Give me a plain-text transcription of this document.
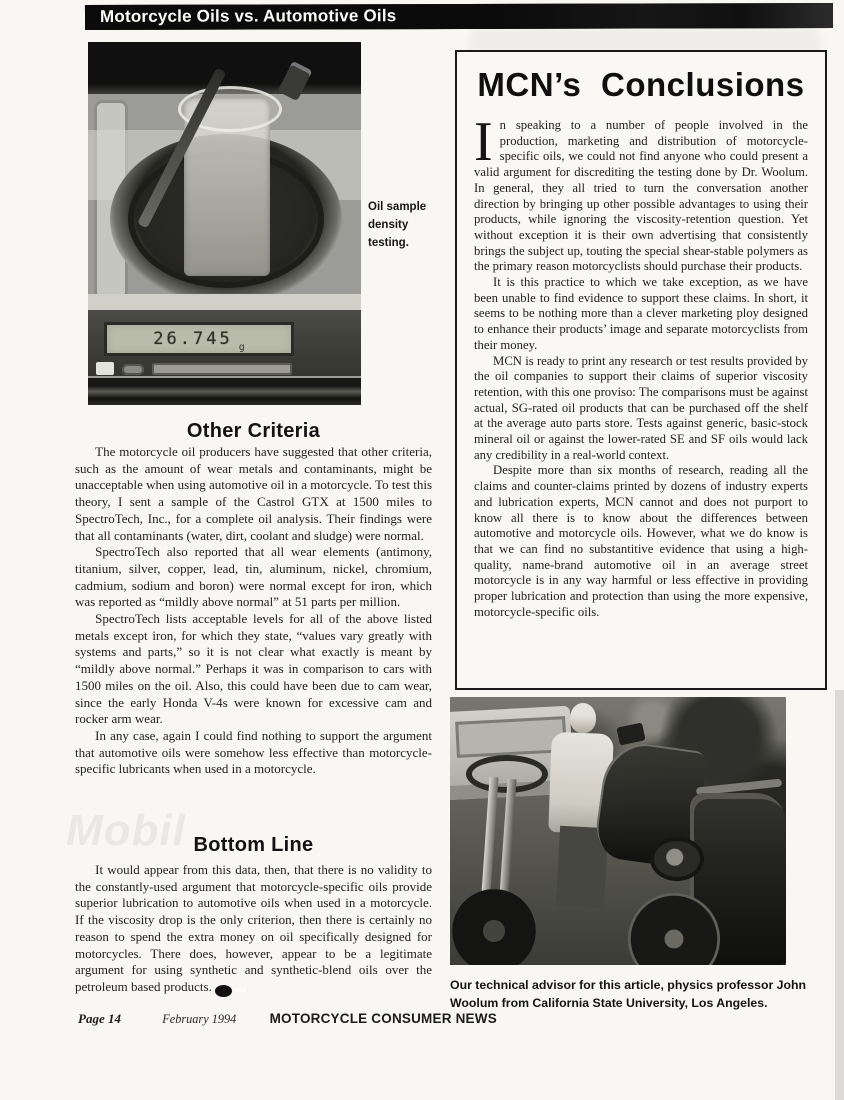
Mobil
Motorcycle Oils vs. Automotive Oils
26.745 g
Oil sample density testing.
Other Criteria

The motorcycle oil producers have suggested that other criteria, such as the amount of wear metals and contaminants, might be unacceptable when using automotive oil in a motorcycle. To test this theory, I sent a sample of the Castrol GTX at 1500 miles to SpectroTech, Inc., for a complete oil analysis. Their findings were that all contaminants (water, dirt, coolant and sludge) were normal.

SpectroTech also reported that all wear elements (antimony, titanium, silver, copper, lead, tin, aluminum, nickel, chromium, cadmium, sodium and boron) were normal except for iron, which was reported as “mildly above normal” at 51 parts per million.

SpectroTech lists acceptable levels for all of the above listed metals except iron, for which they state, “values vary greatly with systems and parts,” so it is not clear what exactly is meant by “mildly above normal.” Perhaps it was in comparison to cars with 1500 miles on the oil. Also, this could have been due to cam wear, since the early Honda V-4s were known for excessive cam and rocker arm wear.

In any case, again I could find nothing to support the argument that automotive oils were somehow less effective than motorcycle-specific lubricants when used in a motorcycle.

Bottom Line

It would appear from this data, then, that there is no validity to the constantly-used argument that motorcycle-specific oils provide superior lubrication to automotive oils when used in a motorcycle. If the viscosity drop is the only criterion, then there is certainly no reason to spend the extra money on oil specifically designed for motorcycles. There does, however, appear to be a legitimate argument for using synthetic and synthetic-blend oils over the petroleum based products.	MCN

MCN’s Conclusions

In speaking to a number of people involved in the production, marketing and distribution of motorcycle-specific oils, we could not find anyone who could present a valid argument for discrediting the testing done by Dr. Woolum. In general, they all tried to turn the conversation another direction by bringing up other possible advantages to using their products, while ignoring the viscosity-retention question. Yet without exception it is their own advertising that consistently brings the subject up, touting the special shear-stable polymers as the primary reason motorcyclists should purchase their products.

It is this practice to which we take exception, as we have been unable to find evidence to support these claims. In short, it seems to be nothing more than a clever marketing ploy designed to enhance their products’ image and separate motorcyclists from their money.

MCN is ready to print any research or test results provided by the oil companies to support their claims of superior viscosity retention, with this one proviso: The comparisons must be against actual, SG-rated oil products that can be purchased off the shelf at the average auto parts store. Tests against generic, basic-stock mineral oil or against the lower-rated SE and SF oils would lack any credibility in a real-world context.

Despite more than six months of research, reading all the claims and counter-claims printed by dozens of industry experts and lubrication experts, MCN cannot and does not purport to know all there is to know about the differences between automotive and motorcycle oils. However, what we do know is that we can find no substantitive evidence that using a high-quality, name-brand automotive oil in an average street motorcycle is in any way harmful or less effective in providing proper lubrication and protection than using the more expensive, motorcycle-specific oils.

Our technical advisor for this article, physics professor John Woolum from California State University, Los Angeles.
Page 14	February 1994 MOTORCYCLE CONSUMER NEWS
